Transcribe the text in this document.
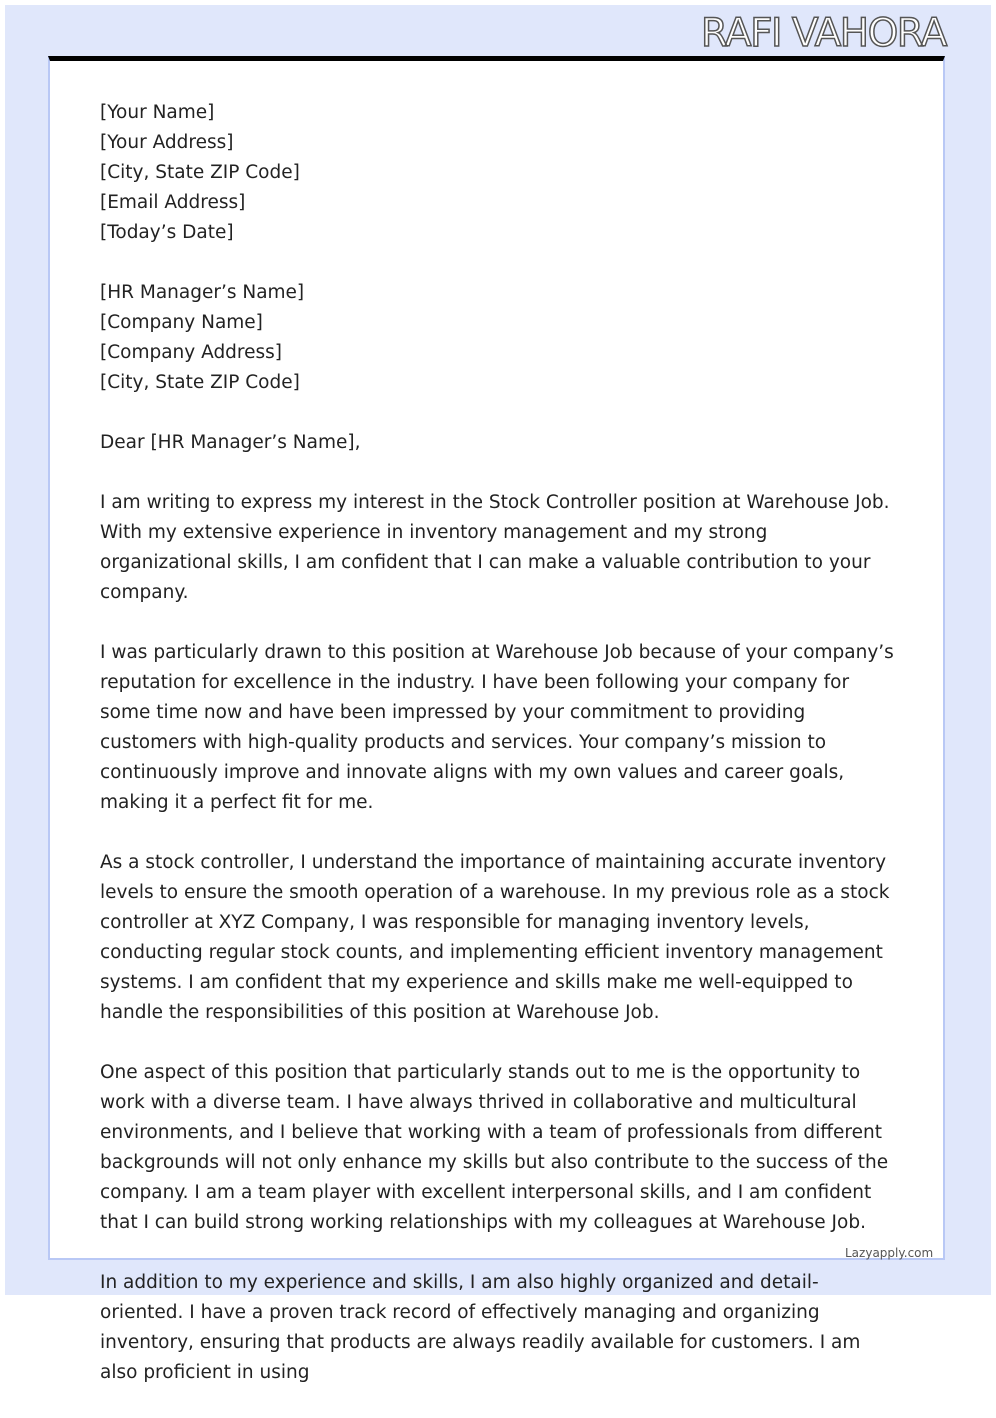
RAFI VAHORA

[Your Name]

[Your Address]

[City, State ZIP Code]

[Email Address]

[Today’s Date]

[HR Manager’s Name]

[Company Name]

[Company Address]

[City, State ZIP Code]

Dear [HR Manager’s Name],

I am writing to express my interest in the Stock Controller position at Warehouse Job. With my extensive experience in inventory management and my strong organizational skills, I am confident that I can make a valuable contribution to your company.

I was particularly drawn to this position at Warehouse Job because of your company’s reputation for excellence in the industry. I have been following your company for some time now and have been impressed by your commitment to providing customers with high-quality products and services. Your company’s mission to continuously improve and innovate aligns with my own values and career goals, making it a perfect fit for me.

As a stock controller, I understand the importance of maintaining accurate inventory levels to ensure the smooth operation of a warehouse. In my previous role as a stock controller at XYZ Company, I was responsible for managing inventory levels, conducting regular stock counts, and implementing efficient inventory management systems. I am confident that my experience and skills make me well-equipped to handle the responsibilities of this position at Warehouse Job.

One aspect of this position that particularly stands out to me is the opportunity to work with a diverse team. I have always thrived in collaborative and multicultural environments, and I believe that working with a team of professionals from different backgrounds will not only enhance my skills but also contribute to the success of the company. I am a team player with excellent interpersonal skills, and I am confident that I can build strong working relationships with my colleagues at Warehouse Job.

In addition to my experience and skills, I am also highly organized and detail-oriented. I have a proven track record of effectively managing and organizing inventory, ensuring that products are always readily available for customers. I am also proficient in using

Lazyapply.com
